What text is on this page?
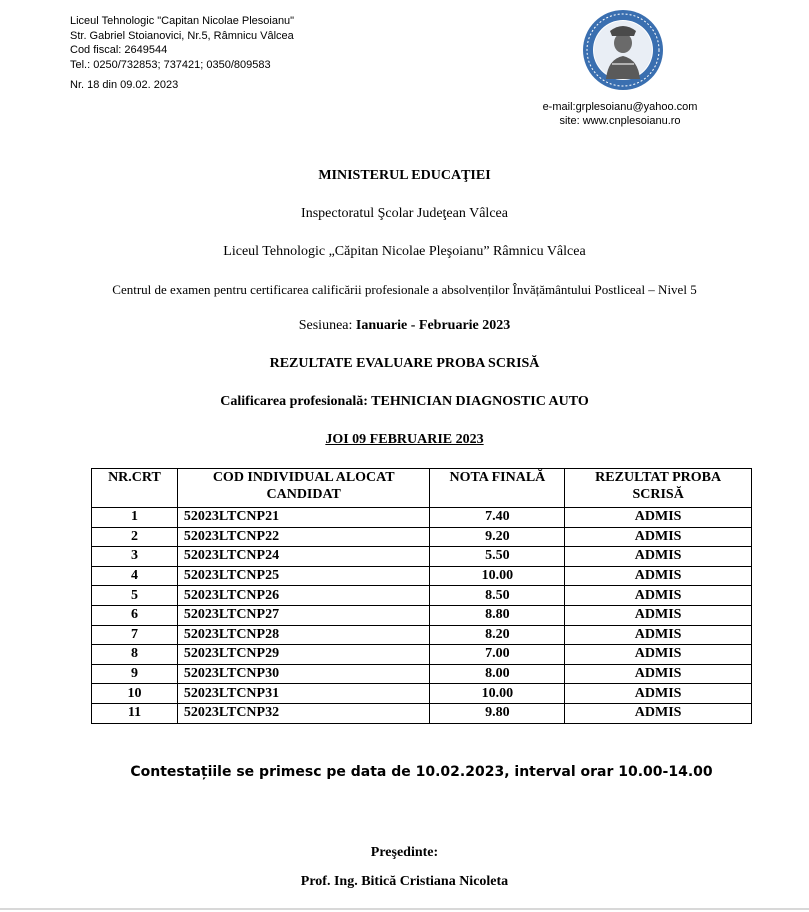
Liceul Tehnologic "Capitan Nicolae Plesoianu"
Str. Gabriel Stoianovici, Nr.5, Râmnicu Vâlcea
Cod fiscal: 2649544
Tel.: 0250/732853; 737421; 0350/809583
Nr. 18 din 09.02. 2023
e-mail:grplesoianu@yahoo.com
site: www.cnplesoianu.ro
MINISTERUL EDUCAŢIEI
Inspectoratul Şcolar Judeţean Vâlcea
Liceul Tehnologic „Căpitan Nicolae Pleşoianu” Râmnicu Vâlcea
Centrul de examen pentru certificarea calificării profesionale a absolvenților Învățământului Postliceal – Nivel 5
Sesiunea: Ianuarie - Februarie 2023
REZULTATE EVALUARE PROBA SCRISĂ
Calificarea profesională: TEHNICIAN DIAGNOSTIC AUTO
JOI 09 FEBRUARIE 2023
NR.CRT	COD INDIVIDUAL ALOCAT CANDIDAT	NOTA FINALĂ	REZULTAT PROBA SCRISĂ
1	52023LTCNP21	7.40	ADMIS
2	52023LTCNP22	9.20	ADMIS
3	52023LTCNP24	5.50	ADMIS
4	52023LTCNP25	10.00	ADMIS
5	52023LTCNP26	8.50	ADMIS
6	52023LTCNP27	8.80	ADMIS
7	52023LTCNP28	8.20	ADMIS
8	52023LTCNP29	7.00	ADMIS
9	52023LTCNP30	8.00	ADMIS
10	52023LTCNP31	10.00	ADMIS
11	52023LTCNP32	9.80	ADMIS
Contestațiile se primesc pe data de 10.02.2023, interval orar 10.00-14.00
Preşedinte:
Prof. Ing. Bitică Cristiana Nicoleta
